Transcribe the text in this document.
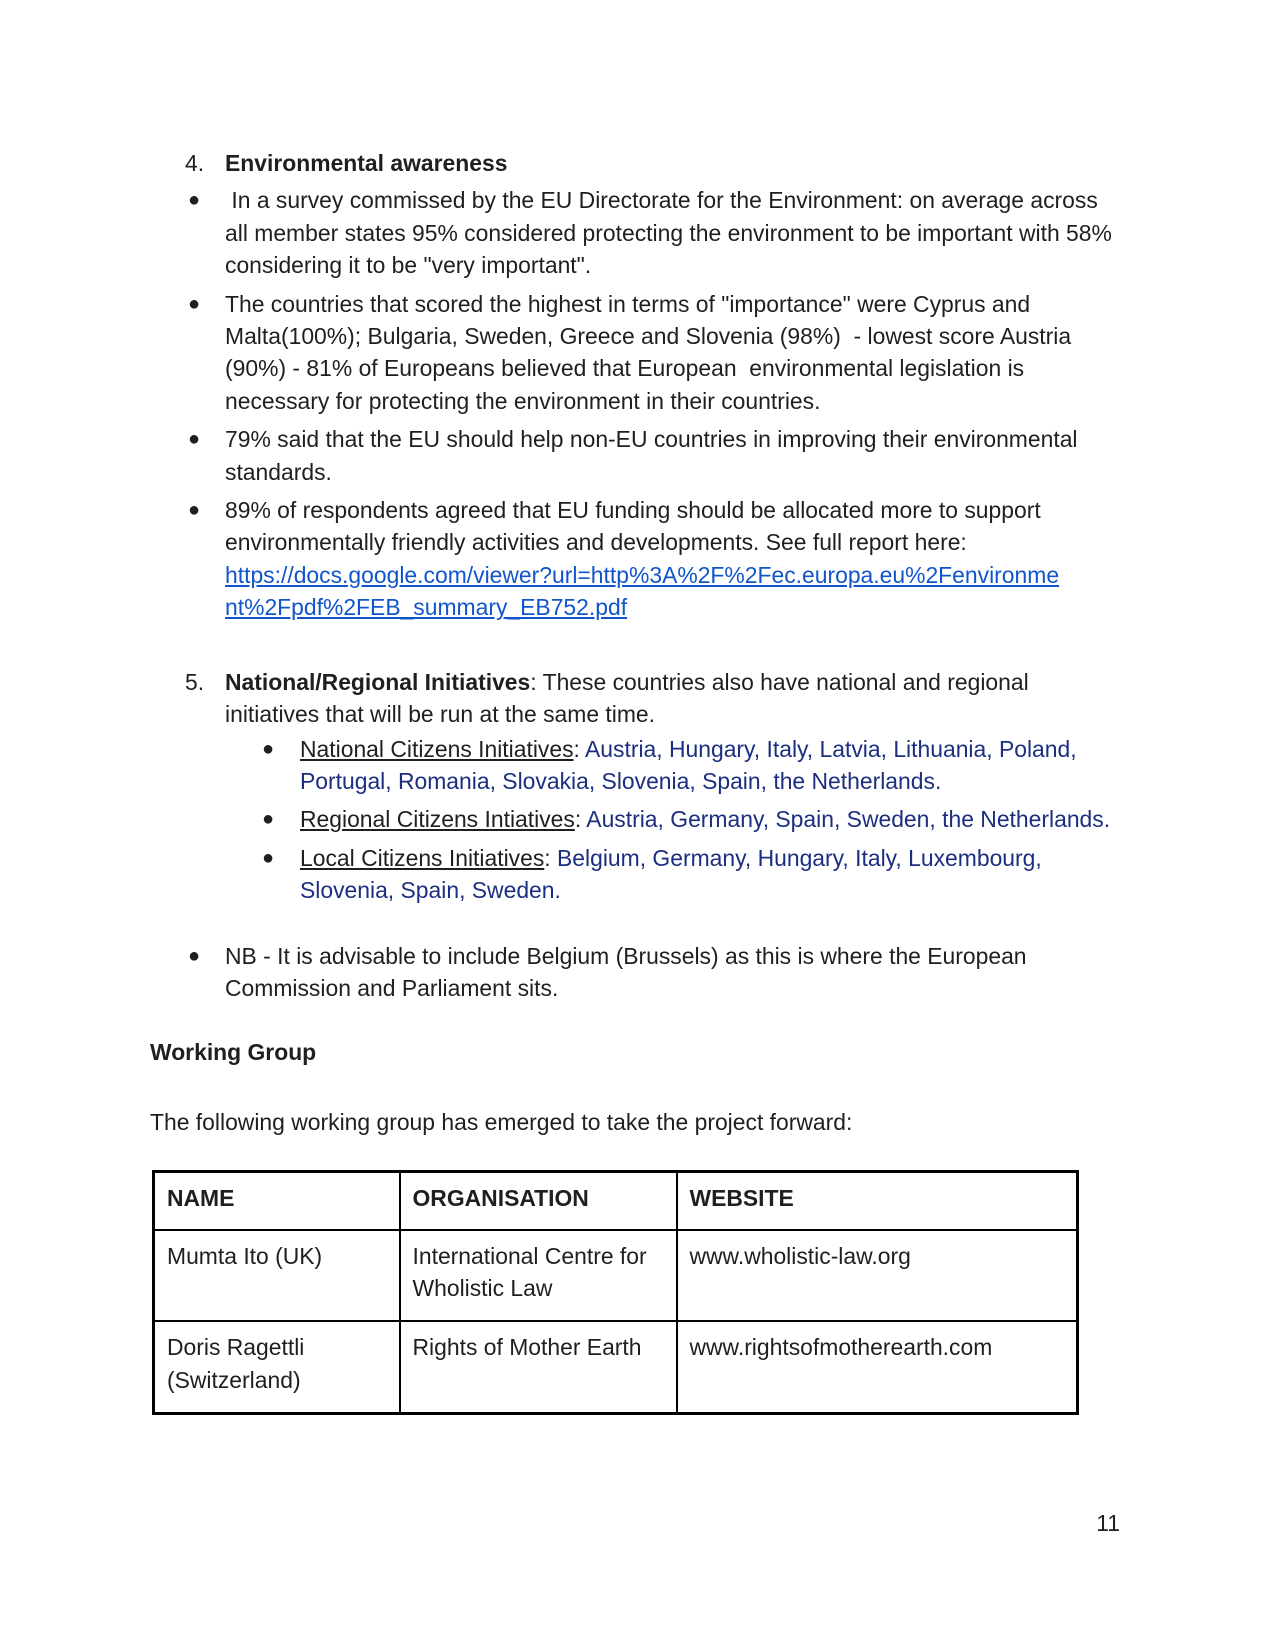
4. Environmental awareness
●	In a survey commissed by the EU Directorate for the Environment: on average across all member states 95% considered protecting the environment to be important with 58% considering it to be "very important".
●	The countries that scored the highest in terms of "importance" were Cyprus and Malta(100%); Bulgaria, Sweden, Greece and Slovenia (98%)  - lowest score Austria (90%) - 81% of Europeans believed that European  environmental legislation is necessary for protecting the environment in their countries.
●	79% said that the EU should help non-EU countries in improving their environmental standards.
●	89% of respondents agreed that EU funding should be allocated more to support environmentally friendly activities and developments. See full report here:
https://docs.google.com/viewer?url=http%3A%2F%2Fec.europa.eu%2Fenvironme
nt%2Fpdf%2FEB_summary_EB752.pdf
5. National/Regional Initiatives: These countries also have national and regional initiatives that will be run at the same time.
●	National Citizens Initiatives: Austria, Hungary, Italy, Latvia, Lithuania, Poland, Portugal, Romania, Slovakia, Slovenia, Spain, the Netherlands.
●	Regional Citizens Intiatives: Austria, Germany, Spain, Sweden, the Netherlands.
●	Local Citizens Initiatives: Belgium, Germany, Hungary, Italy, Luxembourg, Slovenia, Spain, Sweden.
●	NB - It is advisable to include Belgium (Brussels) as this is where the European Commission and Parliament sits.
Working Group

The following working group has emerged to take the project forward:

NAME	ORGANISATION	WEBSITE
Mumta Ito (UK)	International Centre for Wholistic Law	www.wholistic-law.org
Doris Ragettli (Switzerland)	Rights of Mother Earth	www.rightsofmotherearth.com
11
